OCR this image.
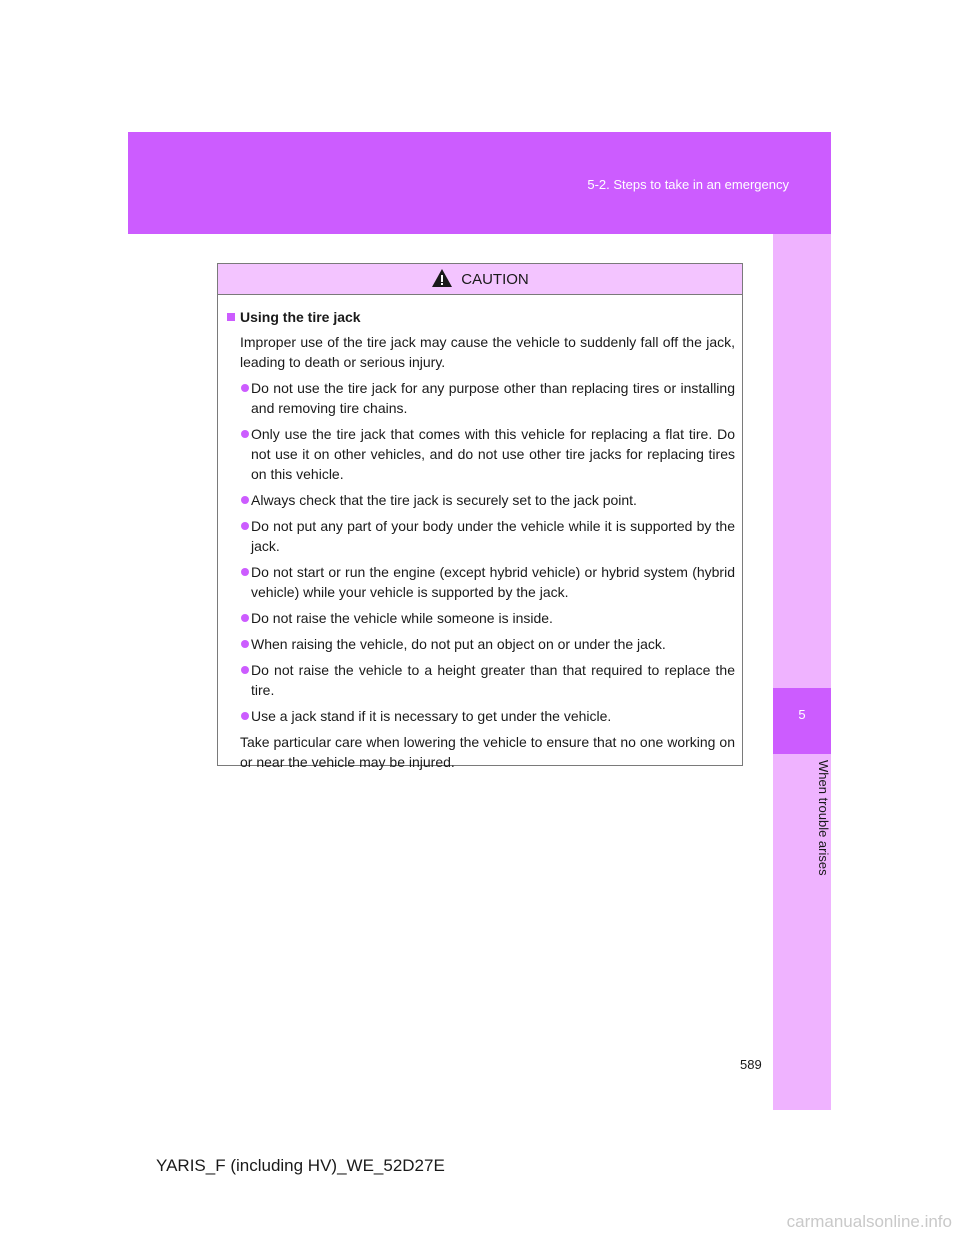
5-2. Steps to take in an emergency
5
When trouble arises
CAUTION
Using the tire jack

Improper use of the tire jack may cause the vehicle to suddenly fall off the jack, leading to death or serious injury.

Do not use the tire jack for any purpose other than replacing tires or installing and removing tire chains.
Only use the tire jack that comes with this vehicle for replacing a flat tire. Do not use it on other vehicles, and do not use other tire jacks for replacing tires on this vehicle.
Always check that the tire jack is securely set to the jack point.
Do not put any part of your body under the vehicle while it is supported by the jack.
Do not start or run the engine (except hybrid vehicle) or hybrid system (hybrid vehicle) while your vehicle is supported by the jack.
Do not raise the vehicle while someone is inside.
When raising the vehicle, do not put an object on or under the jack.
Do not raise the vehicle to a height greater than that required to replace the tire.
Use a jack stand if it is necessary to get under the vehicle.

Take particular care when lowering the vehicle to ensure that no one working on or near the vehicle may be injured.

589
YARIS_F (including HV)_WE_52D27E
carmanualsonline.info
